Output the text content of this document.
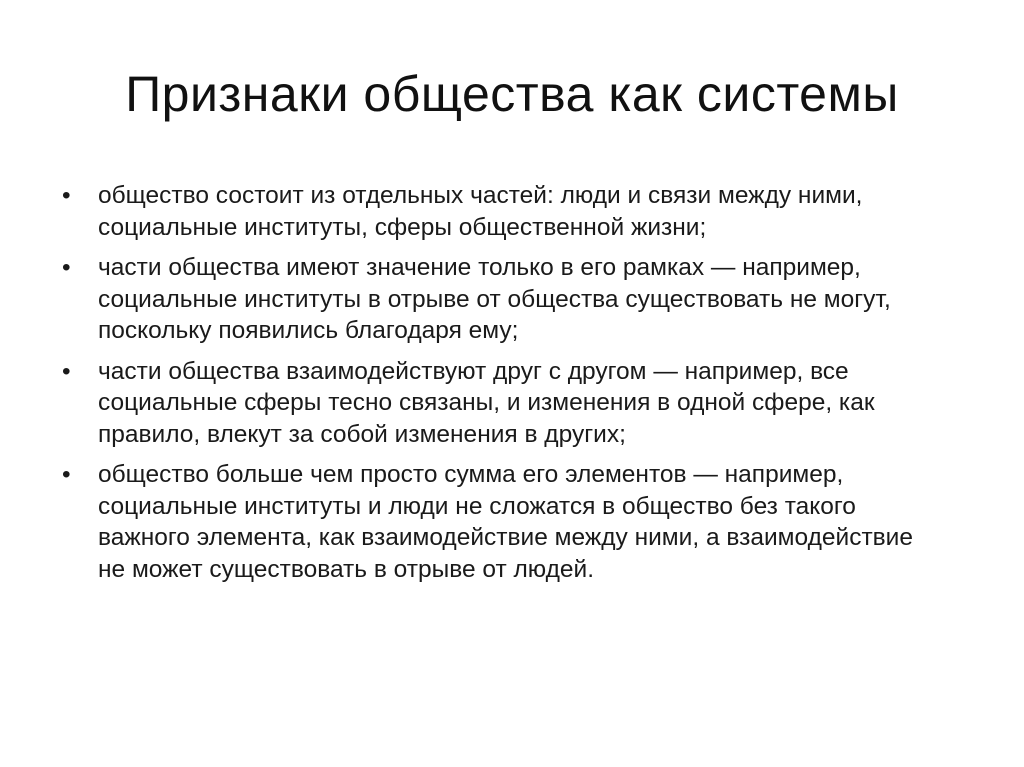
Признаки общества как системы
•	общество состоит из отдельных частей: люди и связи между ними, социальные институты, сферы общественной жизни;
•	части общества имеют значение только в его рамках — например, социальные институты в отрыве от общества существовать не могут, поскольку появились благодаря ему;
•	части общества взаимодействуют друг с другом — например, все социальные сферы тесно связаны, и изменения в одной сфере, как правило, влекут за собой изменения в других;
•	общество больше чем просто сумма его элементов — например, социальные институты и люди не сложатся в общество без такого важного элемента, как взаимодействие между ними, а взаимодействие не может существовать в отрыве от людей.
